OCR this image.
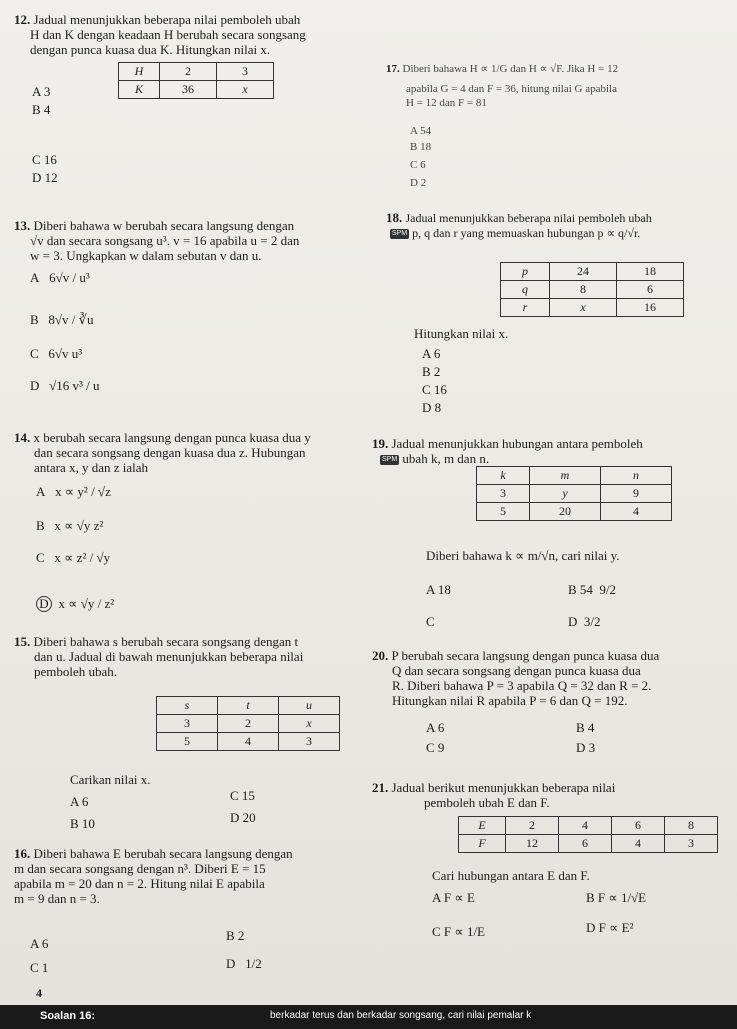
12. Jadual menunjukkan beberapa nilai pemboleh ubah
H dan K dengan keadaan H berubah secara songsang
dengan punca kuasa dua K. Hitungkan nilai x.
H	2	3
K	36	x
A 3
B 4
C 16
D 12
17. Diberi bahawa H ∝ 1/G dan H ∝ √F. Jika H = 12
apabila G = 4 dan F = 36, hitung nilai G apabila
H = 12 dan F = 81
A 54
B 18
C 6
D 2
18. Jadual menunjukkan beberapa nilai pemboleh ubah
SPM p, q dan r yang memuaskan hubungan p ∝ q/√r.
p	24	18
q	8	6
r	x	16
Hitungkan nilai x.
A 6
B 2
C 16
D 8
13. Diberi bahawa w berubah secara langsung dengan
√v dan secara songsang u³. v = 16 apabila u = 2 dan
w = 3. Ungkapkan w dalam sebutan v dan u.
A 6√v / u³
B 8√v / ∛u
C 6√v u³
D √16 v³ / u
14. x berubah secara langsung dengan punca kuasa dua y
dan secara songsang dengan kuasa dua z. Hubungan
antara x, y dan z ialah
A x ∝ y² / √z
B x ∝ √y z²
C x ∝ z² / √y
D x ∝ √y / z²
19. Jadual menunjukkan hubungan antara pemboleh
SPM ubah k, m dan n.
k	m	n
3	y	9
5	20	4
Diberi bahawa k ∝ m/√n, cari nilai y.
A 18	B 54 9/2
C	D 3/2
15. Diberi bahawa s berubah secara songsang dengan t
dan u. Jadual di bawah menunjukkan beberapa nilai
pemboleh ubah.
s	t	u
3	2	x
5	4	3
Carikan nilai x.
A 6	C 15
B 10	D 20
20. P berubah secara langsung dengan punca kuasa dua
Q dan secara songsang dengan punca kuasa dua
R. Diberi bahawa P = 3 apabila Q = 32 dan R = 2.
Hitungkan nilai R apabila P = 6 dan Q = 192.
A 6	B 4
C 9	D 3
21. Jadual berikut menunjukkan beberapa nilai
pemboleh ubah E dan F.
E	2	4	6	8
F	12	6	4	3
Cari hubungan antara E dan F.
A F ∝ E	B F ∝ 1/√E
C F ∝ 1/E	D F ∝ E²
16. Diberi bahawa E berubah secara langsung dengan
m dan secara songsang dengan n³. Diberi E = 15
apabila m = 20 dan n = 2. Hitung nilai E apabila
m = 9 dan n = 3.
A 6
B 2
C 1	D 1/2
4
Soalan 16:	berkadar terus dan berkadar songsang, cari nilai pemalar k
